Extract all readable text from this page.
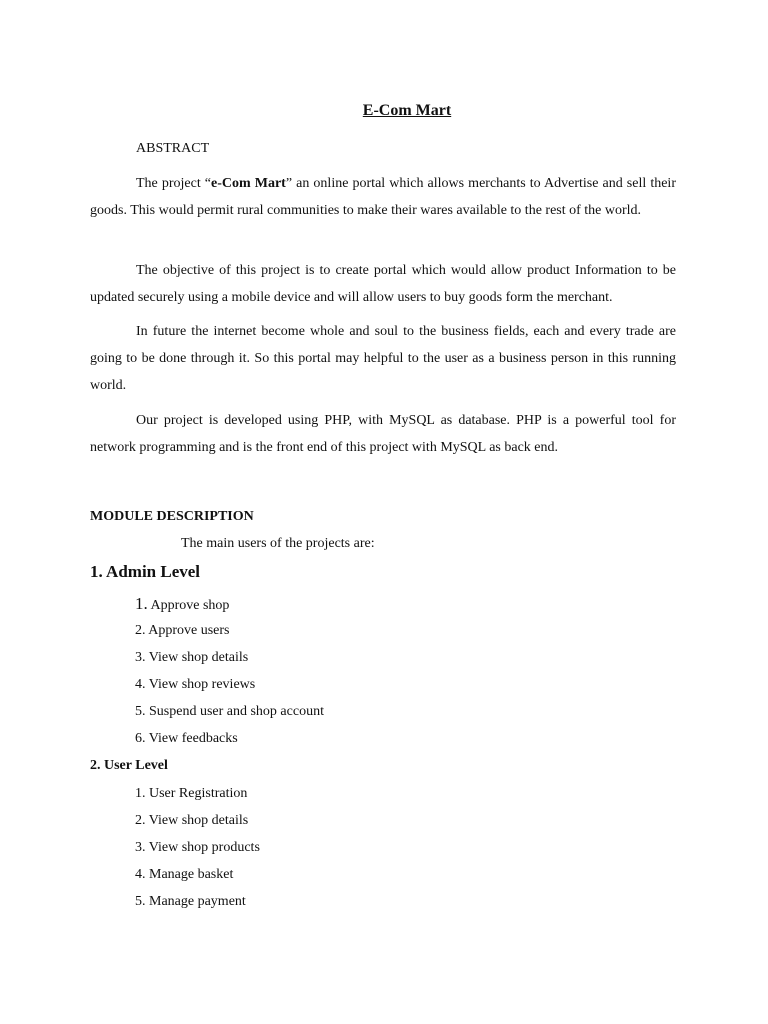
E-Com Mart
ABSTRACT

The project “e-Com Mart” an online portal which allows merchants to Advertise and sell their goods. This would permit rural communities to make their wares available to the rest of the world.

The objective of this project is to create portal which would allow product Information to be updated securely using a mobile device and will allow users to buy goods form the merchant.

In future the internet become whole and soul to the business fields, each and every trade are going to be done through it. So this portal may helpful to the user as a business person in this running world.

Our project is developed using PHP, with MySQL as database. PHP is a powerful tool for network programming and is the front end of this project with MySQL as back end.

MODULE DESCRIPTION
The main users of the projects are:
1. Admin Level
1. Approve shop
2. Approve users
3. View shop details
4. View shop reviews
5. Suspend user and shop account
6. View feedbacks
2. User Level
1. User Registration
2. View shop details
3. View shop products
4. Manage basket
5. Manage payment
